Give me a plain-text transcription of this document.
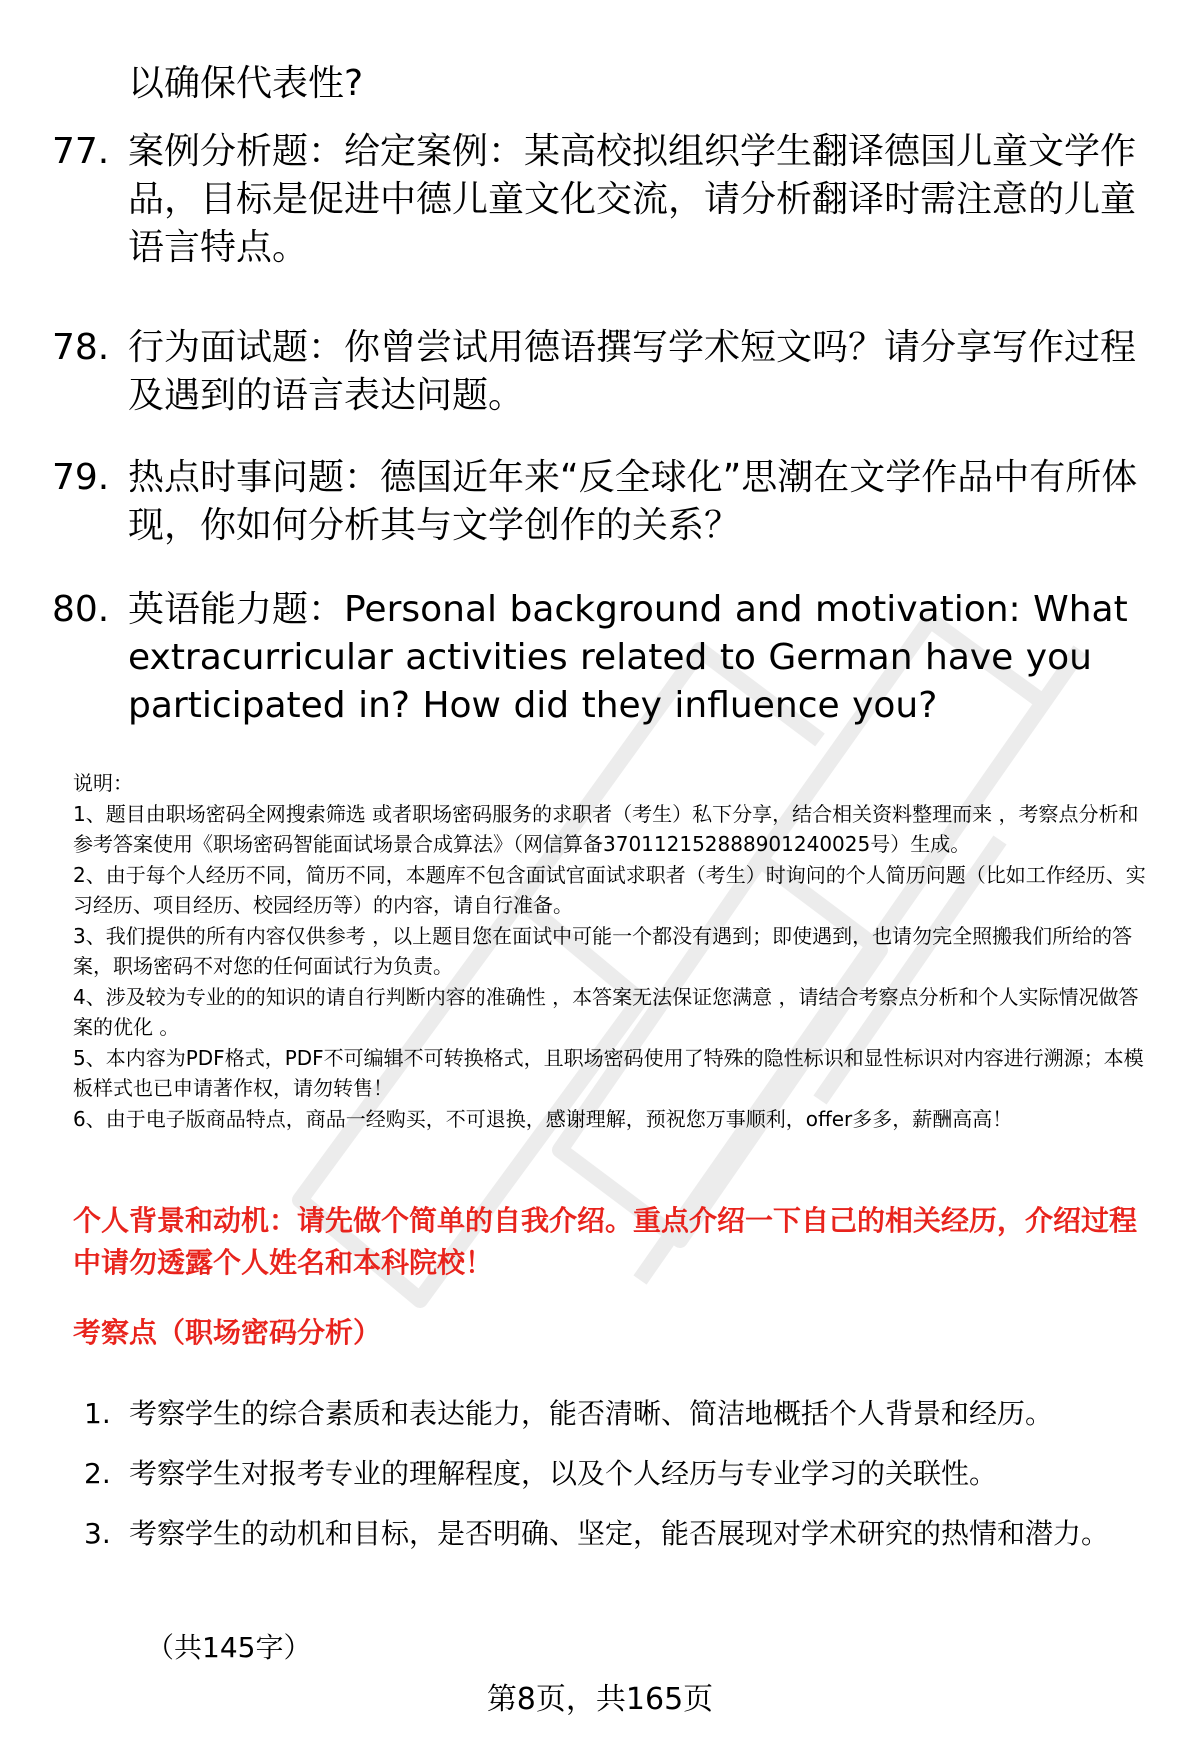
以确保代表性?

77. 案例分析题：给定案例：某高校拟组织学生翻译德国儿童文学作品，目标是促进中德儿童文化交流，请分析翻译时需注意的儿童语言特点。

78. 行为面试题：你曾尝试用德语撰写学术短文吗？请分享写作过程及遇到的语言表达问题。

79. 热点时事问题：德国近年来“反全球化”思潮在文学作品中有所体现，你如何分析其与文学创作的关系？

80. 英语能力题：Personal background and motivation: What extracurricular activities related to German have you participated in? How did they influence you?

说明：

1、题目由职场密码全网搜索筛选 或者职场密码服务的求职者（考生）私下分享，结合相关资料整理而来 ，考察点分析和参考答案使用《职场密码智能面试场景合成算法》（网信算备370112152888901240025号）生成。

2、由于每个人经历不同，简历不同，本题库不包含面试官面试求职者（考生）时询问的个人简历问题（比如工作经历、实习经历、项目经历、校园经历等）的内容，请自行准备。

3、我们提供的所有内容仅供参考 ，以上题目您在面试中可能一个都没有遇到；即使遇到，也请勿完全照搬我们所给的答案，职场密码不对您的任何面试行为负责。

4、涉及较为专业的的知识的请自行判断内容的准确性 ，本答案无法保证您满意 ，请结合考察点分析和个人实际情况做答案的优化 。

5、本内容为PDF格式，PDF不可编辑不可转换格式，且职场密码使用了特殊的隐性标识和显性标识对内容进行溯源；本模板样式也已申请著作权，请勿转售！

6、由于电子版商品特点，商品一经购买，不可退换，感谢理解，预祝您万事顺利，offer多多，薪酬高高！

个人背景和动机：请先做个简单的自我介绍。重点介绍一下自己的相关经历，介绍过程中请勿透露个人姓名和本科院校！

考察点（职场密码分析）

1. 考察学生的综合素质和表达能力，能否清晰、简洁地概括个人背景和经历。
2. 考察学生对报考专业的理解程度，以及个人经历与专业学习的关联性。
3. 考察学生的动机和目标，是否明确、坚定，能否展现对学术研究的热情和潜力。
（共145字）
第8页，共165页
